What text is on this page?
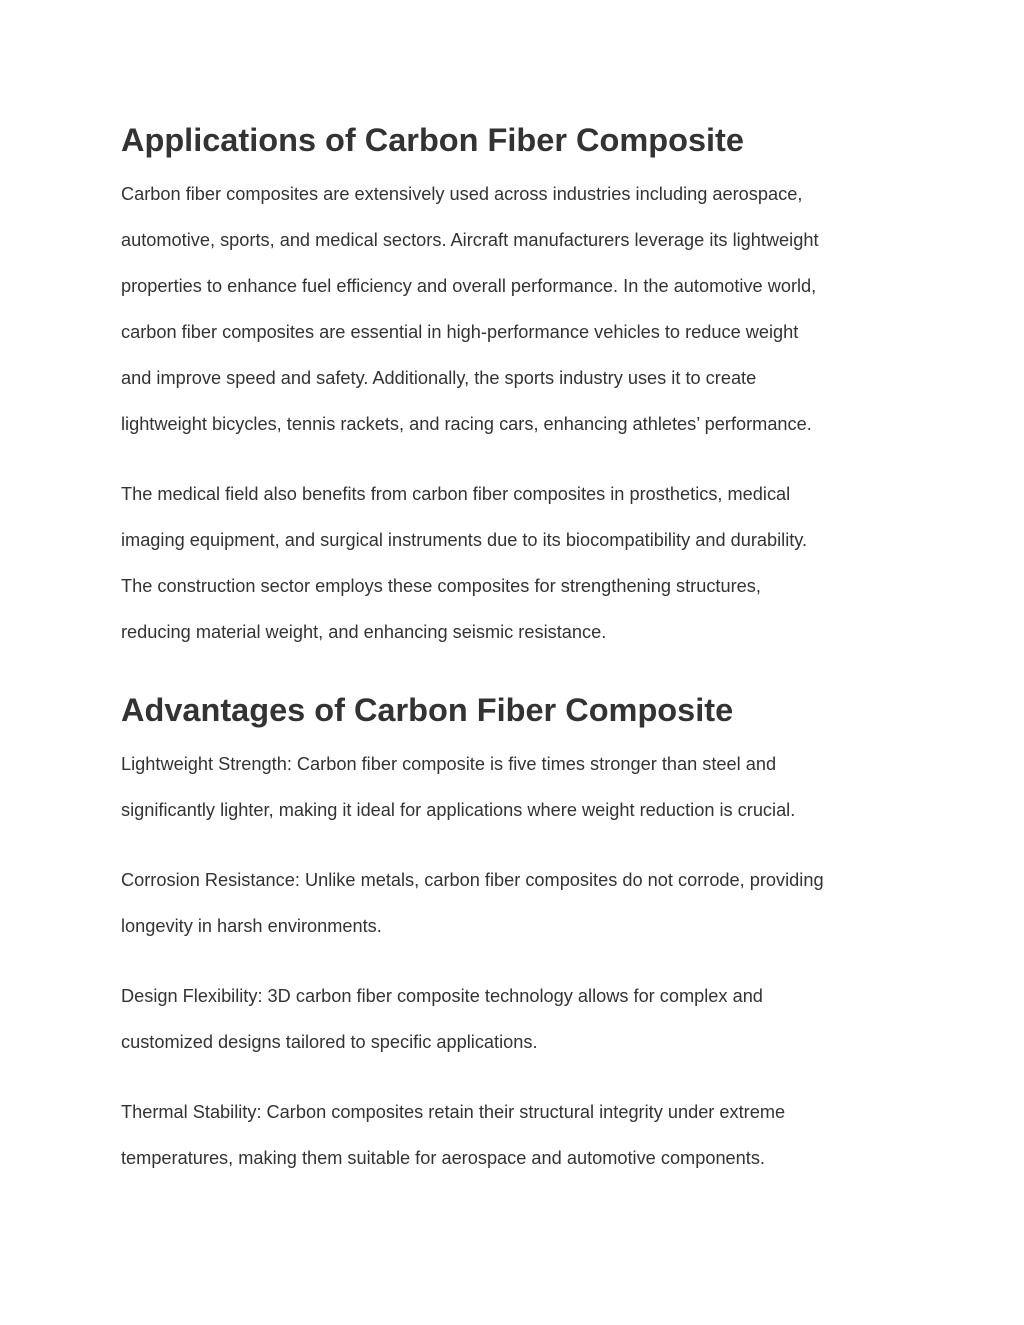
Applications of Carbon Fiber Composite

Carbon fiber composites are extensively used across industries including aerospace,
automotive, sports, and medical sectors. Aircraft manufacturers leverage its lightweight
properties to enhance fuel efficiency and overall performance. In the automotive world,
carbon fiber composites are essential in high-performance vehicles to reduce weight
and improve speed and safety. Additionally, the sports industry uses it to create
lightweight bicycles, tennis rackets, and racing cars, enhancing athletes’ performance.

The medical field also benefits from carbon fiber composites in prosthetics, medical
imaging equipment, and surgical instruments due to its biocompatibility and durability.
The construction sector employs these composites for strengthening structures,
reducing material weight, and enhancing seismic resistance.

Advantages of Carbon Fiber Composite

Lightweight Strength: Carbon fiber composite is five times stronger than steel and
significantly lighter, making it ideal for applications where weight reduction is crucial.

Corrosion Resistance: Unlike metals, carbon fiber composites do not corrode, providing
longevity in harsh environments.

Design Flexibility: 3D carbon fiber composite technology allows for complex and
customized designs tailored to specific applications.

Thermal Stability: Carbon composites retain their structural integrity under extreme
temperatures, making them suitable for aerospace and automotive components.
